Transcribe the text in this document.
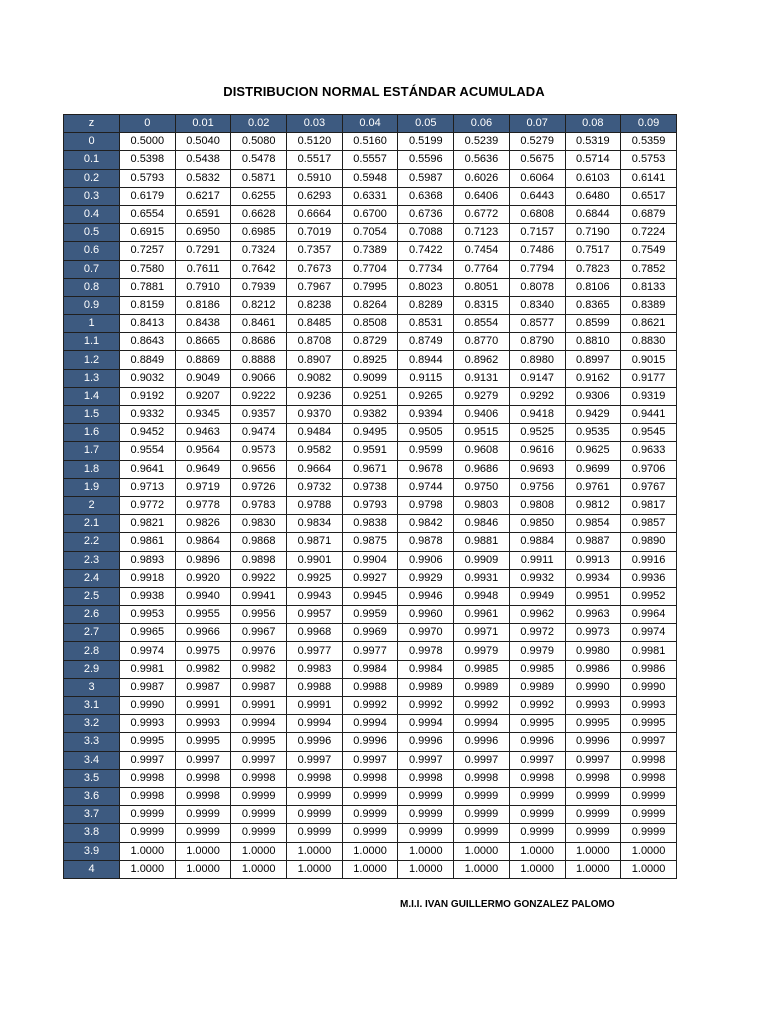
DISTRIBUCION NORMAL ESTÁNDAR ACUMULADA
z	0	0.01	0.02	0.03	0.04	0.05	0.06	0.07	0.08	0.09
0	0.5000	0.5040	0.5080	0.5120	0.5160	0.5199	0.5239	0.5279	0.5319	0.5359
0.1	0.5398	0.5438	0.5478	0.5517	0.5557	0.5596	0.5636	0.5675	0.5714	0.5753
0.2	0.5793	0.5832	0.5871	0.5910	0.5948	0.5987	0.6026	0.6064	0.6103	0.6141
0.3	0.6179	0.6217	0.6255	0.6293	0.6331	0.6368	0.6406	0.6443	0.6480	0.6517
0.4	0.6554	0.6591	0.6628	0.6664	0.6700	0.6736	0.6772	0.6808	0.6844	0.6879
0.5	0.6915	0.6950	0.6985	0.7019	0.7054	0.7088	0.7123	0.7157	0.7190	0.7224
0.6	0.7257	0.7291	0.7324	0.7357	0.7389	0.7422	0.7454	0.7486	0.7517	0.7549
0.7	0.7580	0.7611	0.7642	0.7673	0.7704	0.7734	0.7764	0.7794	0.7823	0.7852
0.8	0.7881	0.7910	0.7939	0.7967	0.7995	0.8023	0.8051	0.8078	0.8106	0.8133
0.9	0.8159	0.8186	0.8212	0.8238	0.8264	0.8289	0.8315	0.8340	0.8365	0.8389
1	0.8413	0.8438	0.8461	0.8485	0.8508	0.8531	0.8554	0.8577	0.8599	0.8621
1.1	0.8643	0.8665	0.8686	0.8708	0.8729	0.8749	0.8770	0.8790	0.8810	0.8830
1.2	0.8849	0.8869	0.8888	0.8907	0.8925	0.8944	0.8962	0.8980	0.8997	0.9015
1.3	0.9032	0.9049	0.9066	0.9082	0.9099	0.9115	0.9131	0.9147	0.9162	0.9177
1.4	0.9192	0.9207	0.9222	0.9236	0.9251	0.9265	0.9279	0.9292	0.9306	0.9319
1.5	0.9332	0.9345	0.9357	0.9370	0.9382	0.9394	0.9406	0.9418	0.9429	0.9441
1.6	0.9452	0.9463	0.9474	0.9484	0.9495	0.9505	0.9515	0.9525	0.9535	0.9545
1.7	0.9554	0.9564	0.9573	0.9582	0.9591	0.9599	0.9608	0.9616	0.9625	0.9633
1.8	0.9641	0.9649	0.9656	0.9664	0.9671	0.9678	0.9686	0.9693	0.9699	0.9706
1.9	0.9713	0.9719	0.9726	0.9732	0.9738	0.9744	0.9750	0.9756	0.9761	0.9767
2	0.9772	0.9778	0.9783	0.9788	0.9793	0.9798	0.9803	0.9808	0.9812	0.9817
2.1	0.9821	0.9826	0.9830	0.9834	0.9838	0.9842	0.9846	0.9850	0.9854	0.9857
2.2	0.9861	0.9864	0.9868	0.9871	0.9875	0.9878	0.9881	0.9884	0.9887	0.9890
2.3	0.9893	0.9896	0.9898	0.9901	0.9904	0.9906	0.9909	0.9911	0.9913	0.9916
2.4	0.9918	0.9920	0.9922	0.9925	0.9927	0.9929	0.9931	0.9932	0.9934	0.9936
2.5	0.9938	0.9940	0.9941	0.9943	0.9945	0.9946	0.9948	0.9949	0.9951	0.9952
2.6	0.9953	0.9955	0.9956	0.9957	0.9959	0.9960	0.9961	0.9962	0.9963	0.9964
2.7	0.9965	0.9966	0.9967	0.9968	0.9969	0.9970	0.9971	0.9972	0.9973	0.9974
2.8	0.9974	0.9975	0.9976	0.9977	0.9977	0.9978	0.9979	0.9979	0.9980	0.9981
2.9	0.9981	0.9982	0.9982	0.9983	0.9984	0.9984	0.9985	0.9985	0.9986	0.9986
3	0.9987	0.9987	0.9987	0.9988	0.9988	0.9989	0.9989	0.9989	0.9990	0.9990
3.1	0.9990	0.9991	0.9991	0.9991	0.9992	0.9992	0.9992	0.9992	0.9993	0.9993
3.2	0.9993	0.9993	0.9994	0.9994	0.9994	0.9994	0.9994	0.9995	0.9995	0.9995
3.3	0.9995	0.9995	0.9995	0.9996	0.9996	0.9996	0.9996	0.9996	0.9996	0.9997
3.4	0.9997	0.9997	0.9997	0.9997	0.9997	0.9997	0.9997	0.9997	0.9997	0.9998
3.5	0.9998	0.9998	0.9998	0.9998	0.9998	0.9998	0.9998	0.9998	0.9998	0.9998
3.6	0.9998	0.9998	0.9999	0.9999	0.9999	0.9999	0.9999	0.9999	0.9999	0.9999
3.7	0.9999	0.9999	0.9999	0.9999	0.9999	0.9999	0.9999	0.9999	0.9999	0.9999
3.8	0.9999	0.9999	0.9999	0.9999	0.9999	0.9999	0.9999	0.9999	0.9999	0.9999
3.9	1.0000	1.0000	1.0000	1.0000	1.0000	1.0000	1.0000	1.0000	1.0000	1.0000
4	1.0000	1.0000	1.0000	1.0000	1.0000	1.0000	1.0000	1.0000	1.0000	1.0000
M.I.I. IVAN GUILLERMO GONZALEZ PALOMO
